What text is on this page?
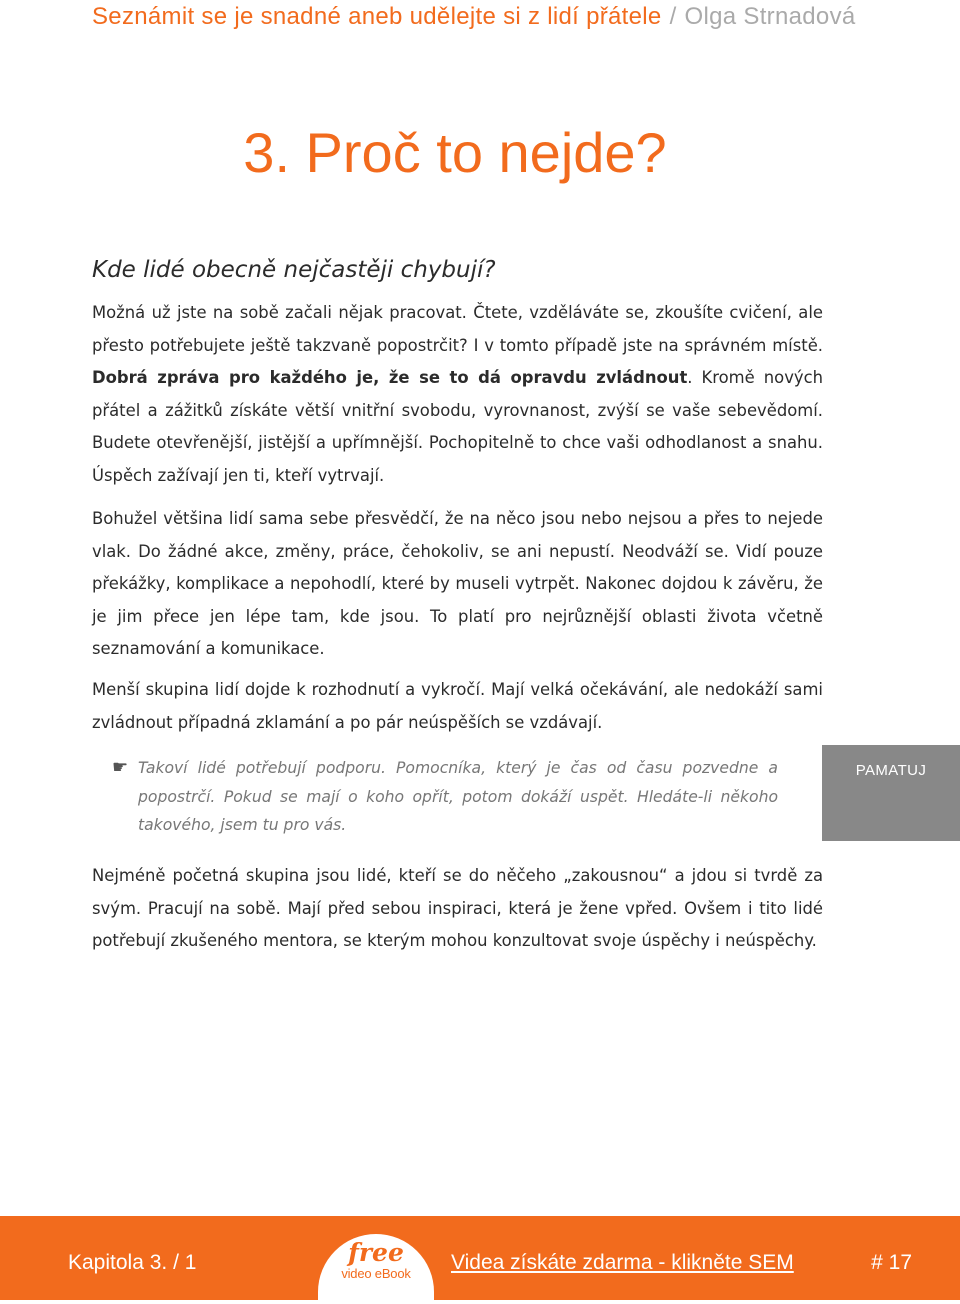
Seznámit se je snadné aneb udělejte si z lidí přátele / Olga Strnadová
3. Proč to nejde?
Kde lidé obecně nejčastěji chybují?

Možná už jste na sobě začali nějak pracovat. Čtete, vzděláváte se, zkoušíte cvičení, ale přesto potřebujete ještě takzvaně popostrčit? I v tomto případě jste na správném místě. Dobrá zpráva pro každého je, že se to dá opravdu zvládnout. Kromě nových přátel a zážitků získáte větší vnitřní svobodu, vyrovnanost, zvýší se vaše sebevědomí. Budete otevřenější, jistější a upřímnější. Pochopitelně to chce vaši odhodlanost a snahu. Úspěch zažívají jen ti, kteří vytrvají.

Bohužel většina lidí sama sebe přesvědčí, že na něco jsou nebo nejsou a přes to nejede vlak. Do žádné akce, změny, práce, čehokoliv, se ani nepustí. Neodváží se. Vidí pouze překážky, komplikace a nepohodlí, které by museli vytrpět. Nakonec dojdou k závěru, že je jim přece jen lépe tam, kde jsou. To platí pro nejrůznější oblasti života včetně seznamování a komunikace.

Menší skupina lidí dojde k rozhodnutí a vykročí. Mají velká očekávání, ale nedokáží sami zvládnout případná zklamání a po pár neúspěších se vzdávají.

☛ Takoví lidé potřebují podporu. Pomocníka, který je čas od času pozvedne a popostrčí. Pokud se mají o koho opřít, potom dokáží uspět. Hledáte-li někoho takového, jsem tu pro vás.

PAMATUJ

Nejméně početná skupina jsou lidé, kteří se do něčeho „zakousnou“ a jdou si tvrdě za svým. Pracují na sobě. Mají před sebou inspiraci, která je žene vpřed. Ovšem i tito lidé potřebují zkušeného mentora, se kterým mohou konzultovat svoje úspěchy i neúspěchy.

Kapitola 3. / 1	free
video eBook	Videa získáte zdarma - klikněte SEM	# 17
